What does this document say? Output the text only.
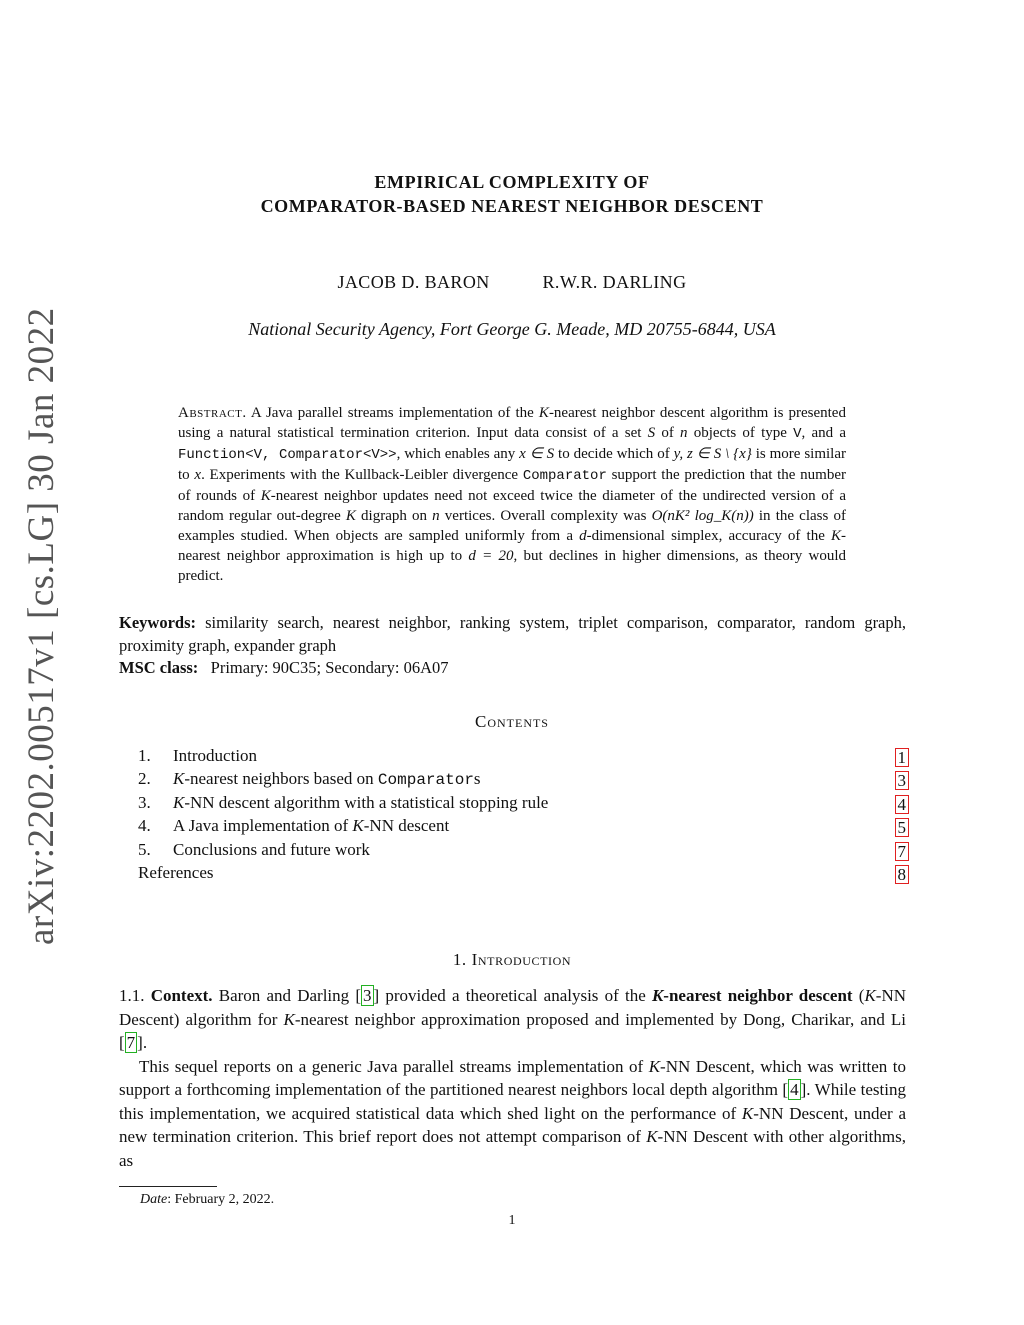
arXiv:2202.00517v1 [cs.LG] 30 Jan 2022
EMPIRICAL COMPLEXITY OF
COMPARATOR-BASED NEAREST NEIGHBOR DESCENT
JACOB D. BARON	R.W.R. DARLING
National Security Agency, Fort George G. Meade, MD 20755-6844, USA
Abstract. A Java parallel streams implementation of the K-nearest neighbor descent algorithm is presented using a natural statistical termination criterion. Input data consist of a set S of n objects of type V, and a Function<V, Comparator<V>>, which enables any x ∈ S to decide which of y, z ∈ S \ {x} is more similar to x. Experiments with the Kullback-Leibler divergence Comparator support the prediction that the number of rounds of K-nearest neighbor updates need not exceed twice the diameter of the undirected version of a random regular out-degree K digraph on n vertices. Overall complexity was O(nK² log_K(n)) in the class of examples studied. When objects are sampled uniformly from a d-dimensional simplex, accuracy of the K-nearest neighbor approximation is high up to d = 20, but declines in higher dimensions, as theory would predict.
Keywords: similarity search, nearest neighbor, ranking system, triplet comparison, comparator, random graph, proximity graph, expander graph
MSC class: Primary: 90C35; Secondary: 06A07
Contents
1. Introduction	1
2. K-nearest neighbors based on Comparators	3
3. K-NN descent algorithm with a statistical stopping rule	4
4. A Java implementation of K-NN descent	5
5. Conclusions and future work	7
References	8
1. Introduction

1.1. Context. Baron and Darling [ 3 ] provided a theoretical analysis of the K-nearest neighbor descent (K-NN Descent) algorithm for K-nearest neighbor approximation proposed and implemented by Dong, Charikar, and Li [ 7 ].

This sequel reports on a generic Java parallel streams implementation of K-NN Descent, which was written to support a forthcoming implementation of the partitioned nearest neighbors local depth algorithm [ 4 ]. While testing this implementation, we acquired statistical data which shed light on the performance of K-NN Descent, under a new termination criterion. This brief report does not attempt comparison of K-NN Descent with other algorithms, as

Date: February 2, 2022.
1
